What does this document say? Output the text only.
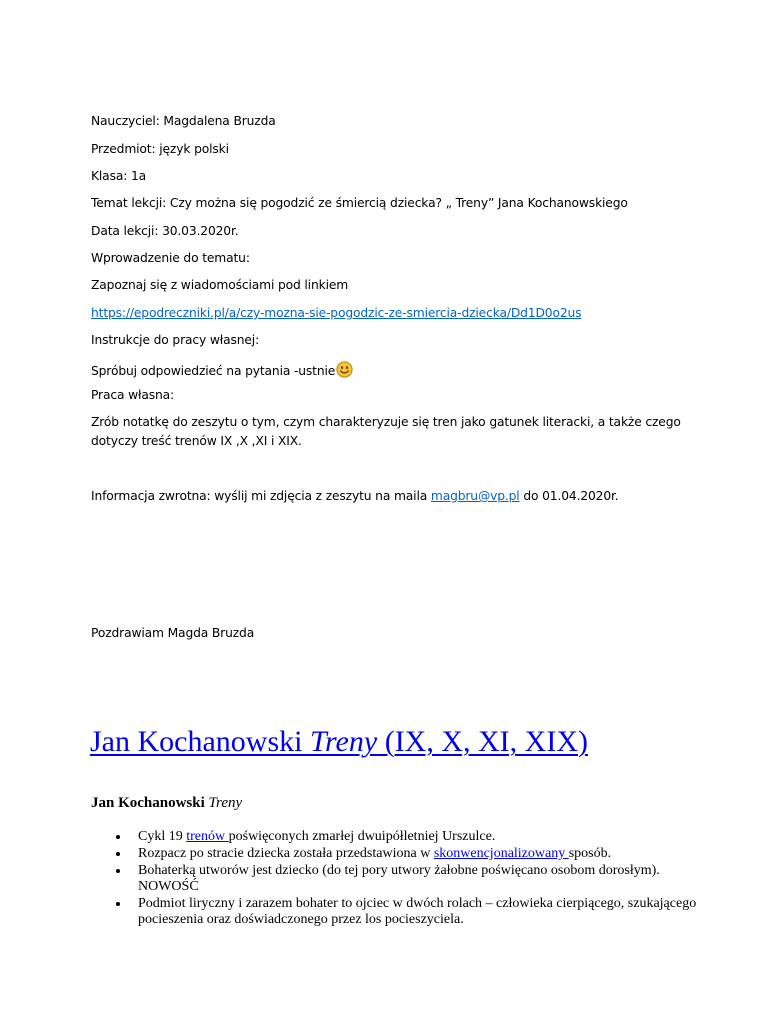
Nauczyciel: Magdalena Bruzda
Przedmiot: język polski
Klasa: 1a
Temat lekcji: Czy można się pogodzić ze śmiercią dziecka? „ Treny” Jana Kochanowskiego
Data lekcji: 30.03.2020r.
Wprowadzenie do tematu:
Zapoznaj się z wiadomościami pod linkiem
https://epodreczniki.pl/a/czy-mozna-sie-pogodzic-ze-smiercia-dziecka/Dd1D0o2us
Instrukcje do pracy własnej:
Spróbuj odpowiedzieć na pytania -ustnie
Praca własna:
Zrób notatkę do zeszytu o tym, czym charakteryzuje się tren jako gatunek literacki, a także czego dotyczy treść trenów IX ,X ,XI i XIX.
Informacja zwrotna: wyślij mi zdjęcia z zeszytu na maila magbru@vp.pl do 01.04.2020r.
Pozdrawiam Magda Bruzda
Jan Kochanowski Treny (IX, X, XI, XIX)
Jan Kochanowski Treny
Cykl 19 trenów poświęconych zmarłej dwuipółletniej Urszulce.
Rozpacz po stracie dziecka została przedstawiona w skonwencjonalizowany sposób.
Bohaterką utworów jest dziecko (do tej pory utwory żałobne poświęcano osobom dorosłym). NOWOŚĆ
Podmiot liryczny i zarazem bohater to ojciec w dwóch rolach – człowieka cierpiącego, szukającego pocieszenia oraz doświadczonego przez los pocieszyciela.
